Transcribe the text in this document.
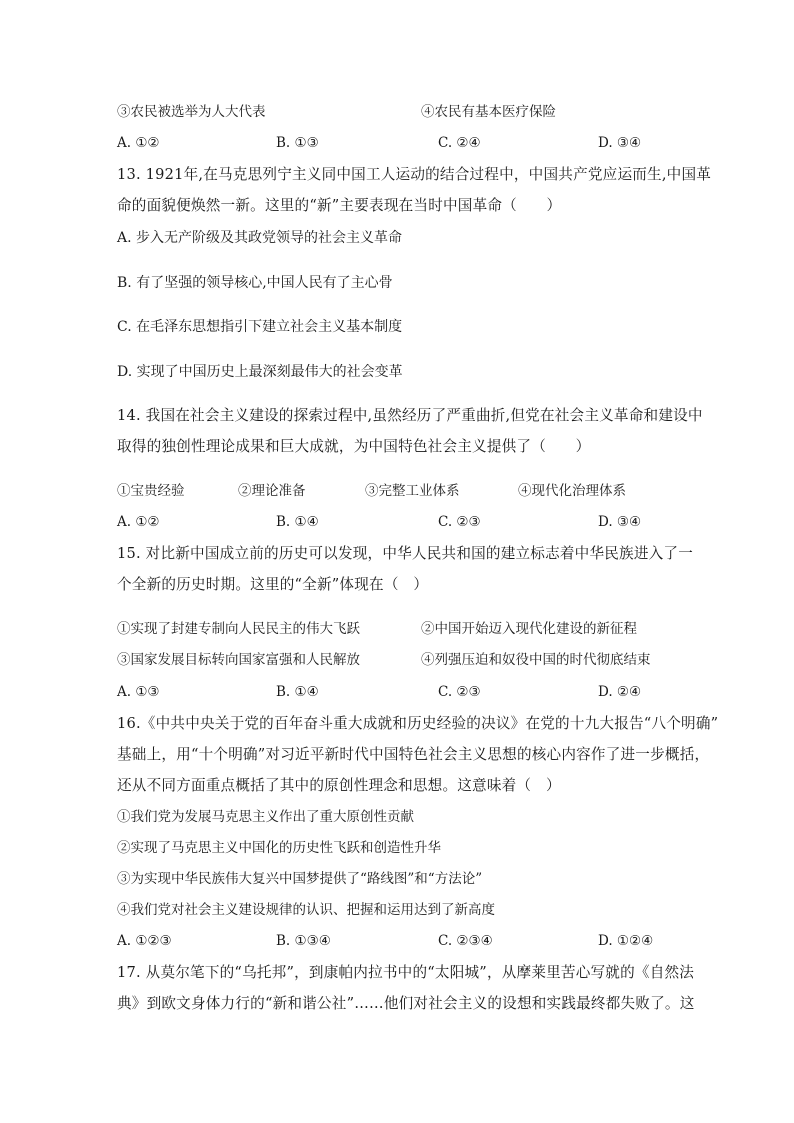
③农民被选举为人大代表	④农民有基本医疗保险
A. ①②	B. ①③	C. ②④	D. ③④
13. 1921年,在马克思列宁主义同中国工人运动的结合过程中，中国共产党应运而生,中国革
命的面貌便焕然一新。这里的“新”主要表现在当时中国革命（　　）
A. 步入无产阶级及其政党领导的社会主义革命
B. 有了坚强的领导核心,中国人民有了主心骨
C. 在毛泽东思想指引下建立社会主义基本制度
D. 实现了中国历史上最深刻最伟大的社会变革
14. 我国在社会主义建设的探索过程中,虽然经历了严重曲折,但党在社会主义革命和建设中
取得的独创性理论成果和巨大成就，为中国特色社会主义提供了（　　）
①宝贵经验	②理论准备	③完整工业体系	④现代化治理体系
A. ①②	B. ①④	C. ②③	D. ③④
15. 对比新中国成立前的历史可以发现，中华人民共和国的建立标志着中华民族进入了一
个全新的历史时期。这里的“全新”体现在（　）
①实现了封建专制向人民民主的伟大飞跃	②中国开始迈入现代化建设的新征程
③国家发展目标转向国家富强和人民解放	④列强压迫和奴役中国的时代彻底结束
A. ①③	B. ①④	C. ②③	D. ②④
16.《中共中央关于党的百年奋斗重大成就和历史经验的决议》在党的十九大报告“八个明确”
基础上，用“十个明确”对习近平新时代中国特色社会主义思想的核心内容作了进一步概括，
还从不同方面重点概括了其中的原创性理念和思想。这意味着（　）
①我们党为发展马克思主义作出了重大原创性贡献
②实现了马克思主义中国化的历史性飞跃和创造性升华
③为实现中华民族伟大复兴中国梦提供了“路线图”和“方法论”
④我们党对社会主义建设规律的认识、把握和运用达到了新高度
A. ①②③	B. ①③④	C. ②③④	D. ①②④
17. 从莫尔笔下的“乌托邦”，到康帕内拉书中的“太阳城”，从摩莱里苦心写就的《自然法
典》到欧文身体力行的“新和谐公社”……他们对社会主义的设想和实践最终都失败了。这
